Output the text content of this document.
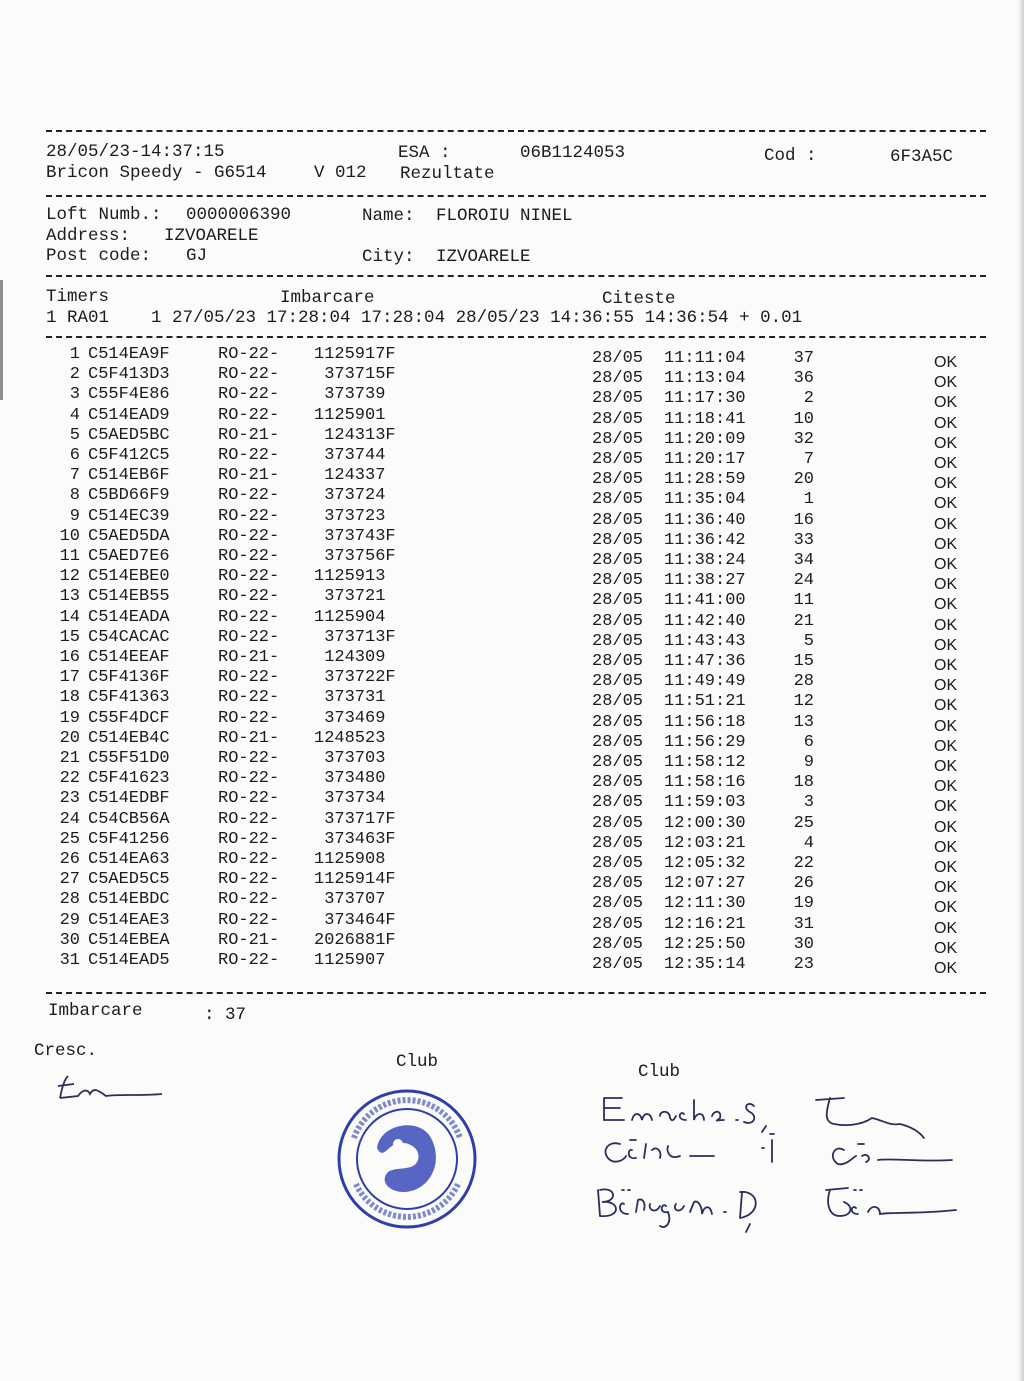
28/05/23-14:37:15	ESA :	06B1124053	Cod :	6F3A5C
Bricon Speedy - G6514	V 012 Rezultate
Loft Numb.: 0000006390	Name: FLOROIU NINEL
Address: IZVOARELE
Post code: GJ	City: IZVOARELE
Timers	Imbarcare	Citeste
1 RA01    1 27/05/23 17:28:04 17:28:04 28/05/23 14:36:55 14:36:54 + 0.01
1 C514EA9F	RO-22- 1125917F	28/05 11:11:04	37	OK
2 C5F413D3	RO-22- 373715F	28/05 11:13:04	36	OK
3 C55F4E86	RO-22- 373739	28/05 11:17:30	2	OK
4 C514EAD9	RO-22- 1125901	28/05 11:18:41	10	OK
5 C5AED5BC	RO-21- 124313F	28/05 11:20:09	32	OK
6 C5F412C5	RO-22- 373744	28/05 11:20:17	7	OK
7 C514EB6F	RO-21- 124337	28/05 11:28:59	20	OK
8 C5BD66F9	RO-22- 373724	28/05 11:35:04	1	OK
9 C514EC39	RO-22- 373723	28/05 11:36:40	16	OK
10 C5AED5DA	RO-22- 373743F	28/05 11:36:42	33	OK
11 C5AED7E6	RO-22- 373756F	28/05 11:38:24	34	OK
12 C514EBE0	RO-22- 1125913	28/05 11:38:27	24	OK
13 C514EB55	RO-22- 373721	28/05 11:41:00	11	OK
14 C514EADA	RO-22- 1125904	28/05 11:42:40	21	OK
15 C54CACAC	RO-22- 373713F	28/05 11:43:43	5	OK
16 C514EEAF	RO-21- 124309	28/05 11:47:36	15	OK
17 C5F4136F	RO-22- 373722F	28/05 11:49:49	28	OK
18 C5F41363	RO-22- 373731	28/05 11:51:21	12	OK
19 C55F4DCF	RO-22- 373469	28/05 11:56:18	13	OK
20 C514EB4C	RO-21- 1248523	28/05 11:56:29	6	OK
21 C55F51D0	RO-22- 373703	28/05 11:58:12	9	OK
22 C5F41623	RO-22- 373480	28/05 11:58:16	18	OK
23 C514EDBF	RO-22- 373734	28/05 11:59:03	3	OK
24 C54CB56A	RO-22- 373717F	28/05 12:00:30	25	OK
25 C5F41256	RO-22- 373463F	28/05 12:03:21	4	OK
26 C514EA63	RO-22- 1125908	28/05 12:05:32	22	OK
27 C5AED5C5	RO-22- 1125914F	28/05 12:07:27	26	OK
28 C514EBDC	RO-22- 373707	28/05 12:11:30	19	OK
29 C514EAE3	RO-22- 373464F	28/05 12:16:21	31	OK
30 C514EBEA	RO-21- 2026881F	28/05 12:25:50	30	OK
31 C514EAD5	RO-22- 1125907	28/05 12:35:14	23	OK
Imbarcare	: 37
Cresc.
Club	Club
